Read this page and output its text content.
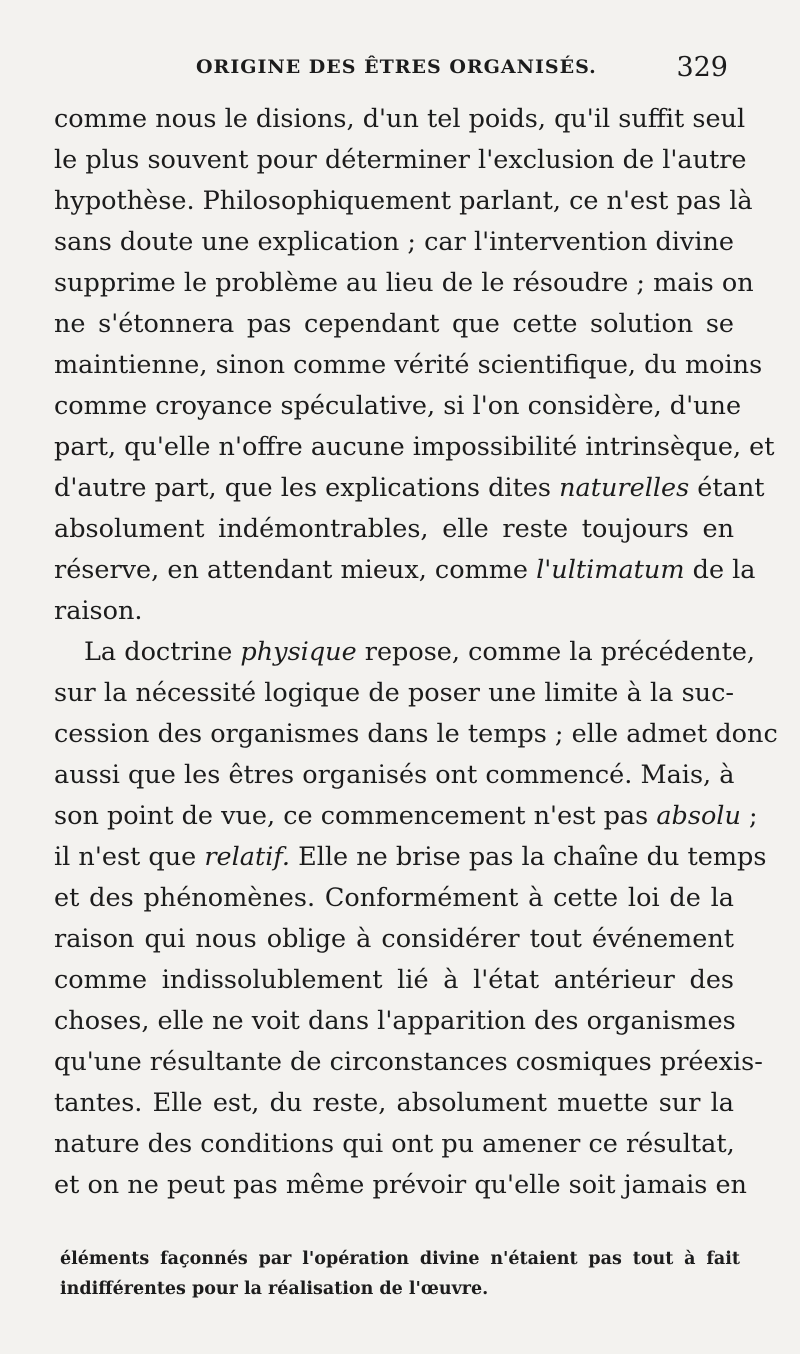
ORIGINE DES ÊTRES ORGANISÉS.	329
comme nous le disions, d'un tel poids, qu'il suffit seul
le plus souvent pour déterminer l'exclusion de l'autre
hypothèse. Philosophiquement parlant, ce n'est pas là
sans doute une explication ; car l'intervention divine
supprime le problème au lieu de le résoudre ; mais on
ne s'étonnera pas cependant que cette solution se
maintienne, sinon comme vérité scientifique, du moins
comme croyance spéculative, si l'on considère, d'une
part, qu'elle n'offre aucune impossibilité intrinsèque, et
d'autre part, que les explications dites naturelles étant
absolument indémontrables, elle reste toujours en
réserve, en attendant mieux, comme l'ultimatum de la
raison.
La doctrine physique repose, comme la précédente,
sur la nécessité logique de poser une limite à la suc-
cession des organismes dans le temps ; elle admet donc
aussi que les êtres organisés ont commencé. Mais, à
son point de vue, ce commencement n'est pas absolu ;
il n'est que relatif. Elle ne brise pas la chaîne du temps
et des phénomènes. Conformément à cette loi de la
raison qui nous oblige à considérer tout événement
comme indissolublement lié à l'état antérieur des
choses, elle ne voit dans l'apparition des organismes
qu'une résultante de circonstances cosmiques préexis-
tantes. Elle est, du reste, absolument muette sur la
nature des conditions qui ont pu amener ce résultat,
et on ne peut pas même prévoir qu'elle soit jamais en
éléments façonnés par l'opération divine n'étaient pas tout à fait
indifférentes pour la réalisation de l'œuvre.
